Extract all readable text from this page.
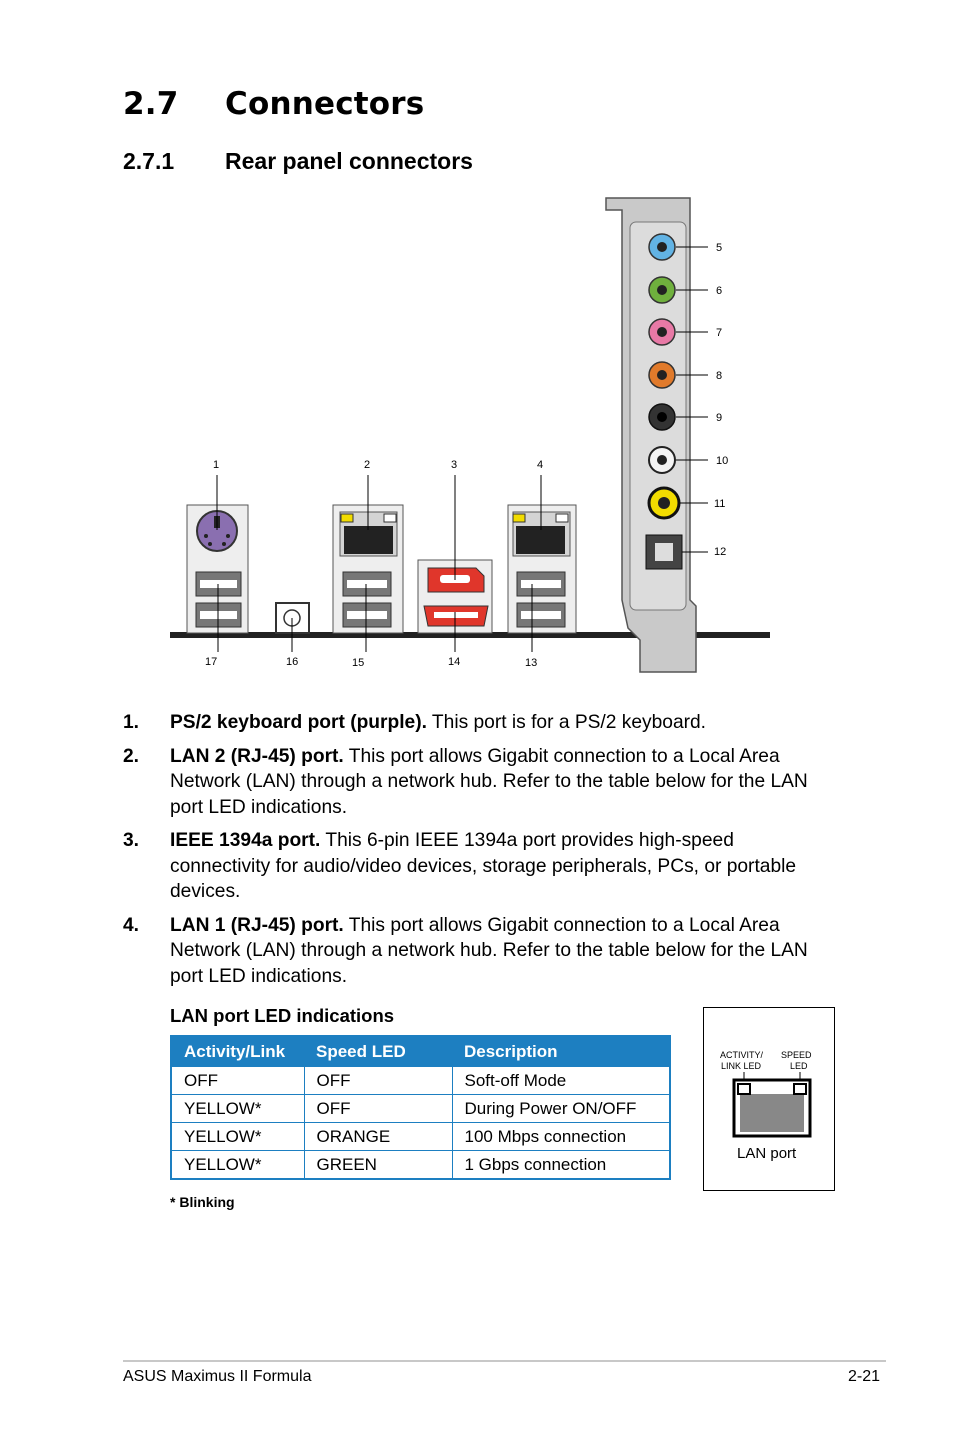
2.7 Connectors
2.7.1 Rear panel connectors
1	2	3	4
5
6
7
8
9
10
11
12
13
14
15
16
17
1. PS/2 keyboard port (purple). This port is for a PS/2 keyboard.
2. LAN 2 (RJ-45) port. This port allows Gigabit connection to a Local Area Network (LAN) through a network hub. Refer to the table below for the LAN port LED indications.
3. IEEE 1394a port. This 6-pin IEEE 1394a port provides high-speed connectivity for audio/video devices, storage peripherals, PCs, or portable devices.
4. LAN 1 (RJ-45) port. This port allows Gigabit connection to a Local Area Network (LAN) through a network hub. Refer to the table below for the LAN port LED indications.
LAN port LED indications
Activity/Link	Speed LED	Description
OFF	OFF	Soft-off Mode
YELLOW*	OFF	During Power ON/OFF
YELLOW*	ORANGE	100 Mbps connection
YELLOW*	GREEN	1 Gbps connection
* Blinking
ACTIVITY/
LINK LED
SPEED
LED
LAN port
ASUS Maximus II Formula	2-21
